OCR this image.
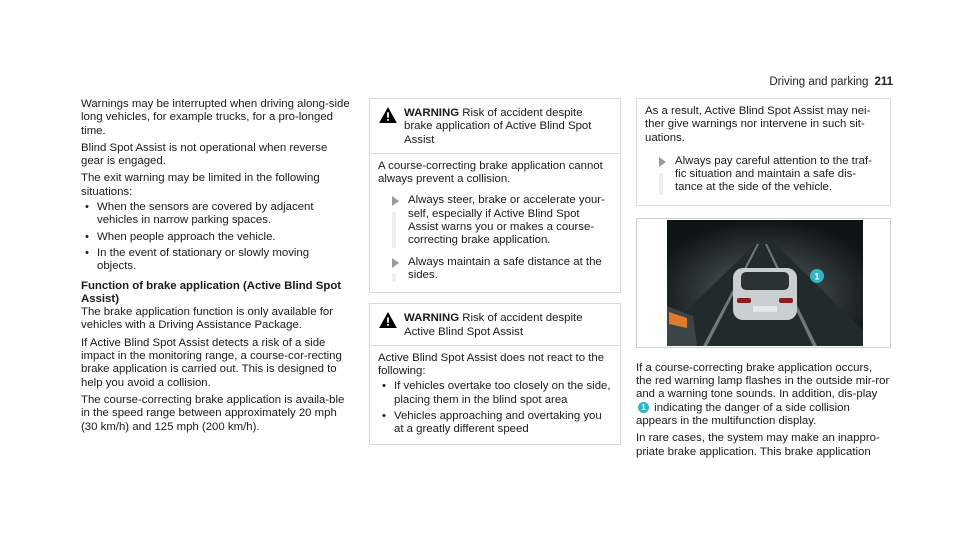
Driving and parking 211

Warnings may be interrupted when driving along-side long vehicles, for example trucks, for a pro-longed time.

Blind Spot Assist is not operational when reverse gear is engaged.

The exit warning may be limited in the following situations:

• When the sensors are covered by adjacent vehicles in narrow parking spaces.
• When people approach the vehicle.
• In the event of stationary or slowly moving objects.
Function of brake application (Active Blind Spot Assist)

The brake application function is only available for vehicles with a Driving Assistance Package.

If Active Blind Spot Assist detects a risk of a side impact in the monitoring range, a course-cor-recting brake application is carried out. This is designed to help you avoid a collision.

The course-correcting brake application is availa-ble in the speed range between approximately 20 mph (30 km/h) and 125 mph (200 km/h).

WARNING Risk of accident despite brake application of Active Blind Spot Assist

A course-correcting brake application cannot always prevent a collision.

Always steer, brake or accelerate your-self, especially if Active Blind Spot Assist warns you or makes a course-correcting brake application.
Always maintain a safe distance at the sides.
WARNING Risk of accident despite Active Blind Spot Assist

Active Blind Spot Assist does not react to the following:

• If vehicles overtake too closely on the side, placing them in the blind spot area
• Vehicles approaching and overtaking you at a greatly different speed

As a result, Active Blind Spot Assist may nei-ther give warnings nor intervene in such sit-uations.

Always pay careful attention to the traf-fic situation and maintain a safe dis-tance at the side of the vehicle.
1

If a course-correcting brake application occurs, the red warning lamp flashes in the outside mir-ror and a warning tone sounds. In addition, dis-play 1 indicating the danger of a side collision appears in the multifunction display.

In rare cases, the system may make an inappro-priate brake application. This brake application
